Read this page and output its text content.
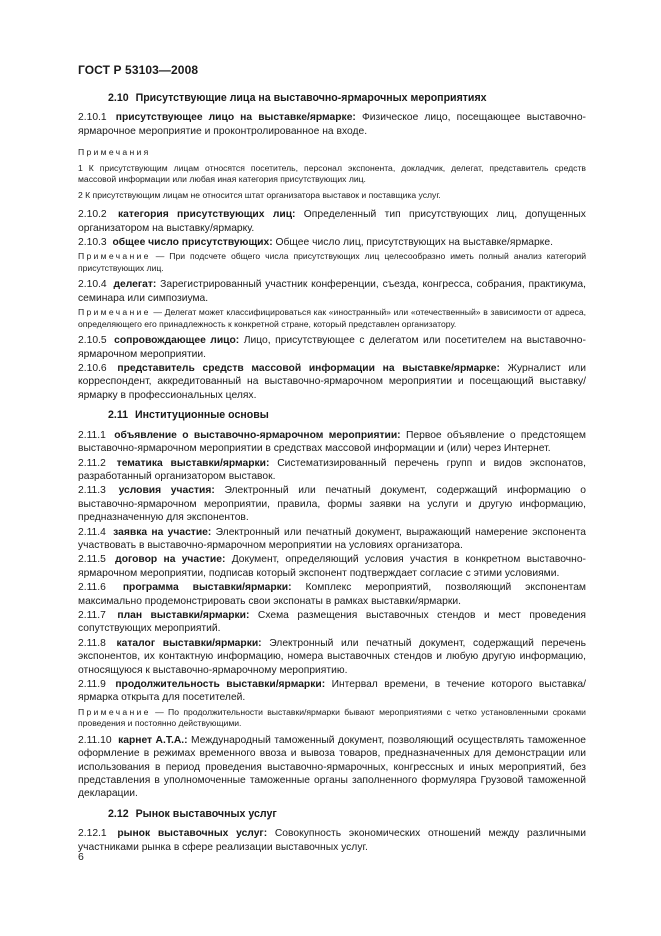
ГОСТ Р 53103—2008
2.10 Присутствующие лица на выставочно-ярмарочных мероприятиях

2.10.1 присутствующее лицо на выставке/ярмарке: Физическое лицо, посещающее выставочно-ярмарочное мероприятие и проконтролированное на входе.

Примечания
1 К присутствующим лицам относятся посетитель, персонал экспонента, докладчик, делегат, представитель средств массовой информации или любая иная категория присутствующих лиц.
2 К присутствующим лицам не относится штат организатора выставок и поставщика услуг.

2.10.2 категория присутствующих лиц: Определенный тип присутствующих лиц, допущенных организатором на выставку/ярмарку.

2.10.3 общее число присутствующих: Общее число лиц, присутствующих на выставке/ярмарке.

Примечание — При подсчете общего числа присутствующих лиц целесообразно иметь полный анализ категорий присутствующих лиц.

2.10.4 делегат: Зарегистрированный участник конференции, съезда, конгресса, собрания, практикума, семинара или симпозиума.

Примечание — Делегат может классифицироваться как «иностранный» или «отечественный» в зависимости от адреса, определяющего его принадлежность к конкретной стране, который представлен организатору.

2.10.5 сопровождающее лицо: Лицо, присутствующее с делегатом или посетителем на выставочно-ярмарочном мероприятии.

2.10.6 представитель средств массовой информации на выставке/ярмарке: Журналист или корреспондент, аккредитованный на выставочно-ярмарочном мероприятии и посещающий выставку/ярмарку в профессиональных целях.

2.11 Институционные основы

2.11.1 объявление о выставочно-ярмарочном мероприятии: Первое объявление о предстоящем выставочно-ярмарочном мероприятии в средствах массовой информации и (или) через Интернет.

2.11.2 тематика выставки/ярмарки: Систематизированный перечень групп и видов экспонатов, разработанный организатором выставок.

2.11.3 условия участия: Электронный или печатный документ, содержащий информацию о выставочно-ярмарочном мероприятии, правила, формы заявки на услуги и другую информацию, предназначенную для экспонентов.

2.11.4 заявка на участие: Электронный или печатный документ, выражающий намерение экспонента участвовать в выставочно-ярмарочном мероприятии на условиях организатора.

2.11.5 договор на участие: Документ, определяющий условия участия в конкретном выставочно-ярмарочном мероприятии, подписав который экспонент подтверждает согласие с этими условиями.

2.11.6 программа выставки/ярмарки: Комплекс мероприятий, позволяющий экспонентам максимально продемонстрировать свои экспонаты в рамках выставки/ярмарки.

2.11.7 план выставки/ярмарки: Схема размещения выставочных стендов и мест проведения сопутствующих мероприятий.

2.11.8 каталог выставки/ярмарки: Электронный или печатный документ, содержащий перечень экспонентов, их контактную информацию, номера выставочных стендов и любую другую информацию, относящуюся к выставочно-ярмарочному мероприятию.

2.11.9 продолжительность выставки/ярмарки: Интервал времени, в течение которого выставка/ярмарка открыта для посетителей.

Примечание — По продолжительности выставки/ярмарки бывают мероприятиями с четко установленными сроками проведения и постоянно действующими.

2.11.10 карнет А.Т.А.: Международный таможенный документ, позволяющий осуществлять таможенное оформление в режимах временного ввоза и вывоза товаров, предназначенных для демонстрации или использования в период проведения выставочно-ярмарочных, конгрессных и иных мероприятий, без представления в уполномоченные таможенные органы заполненного формуляра Грузовой таможенной декларации.

2.12 Рынок выставочных услуг

2.12.1 рынок выставочных услуг: Совокупность экономических отношений между различными участниками рынка в сфере реализации выставочных услуг.

6
